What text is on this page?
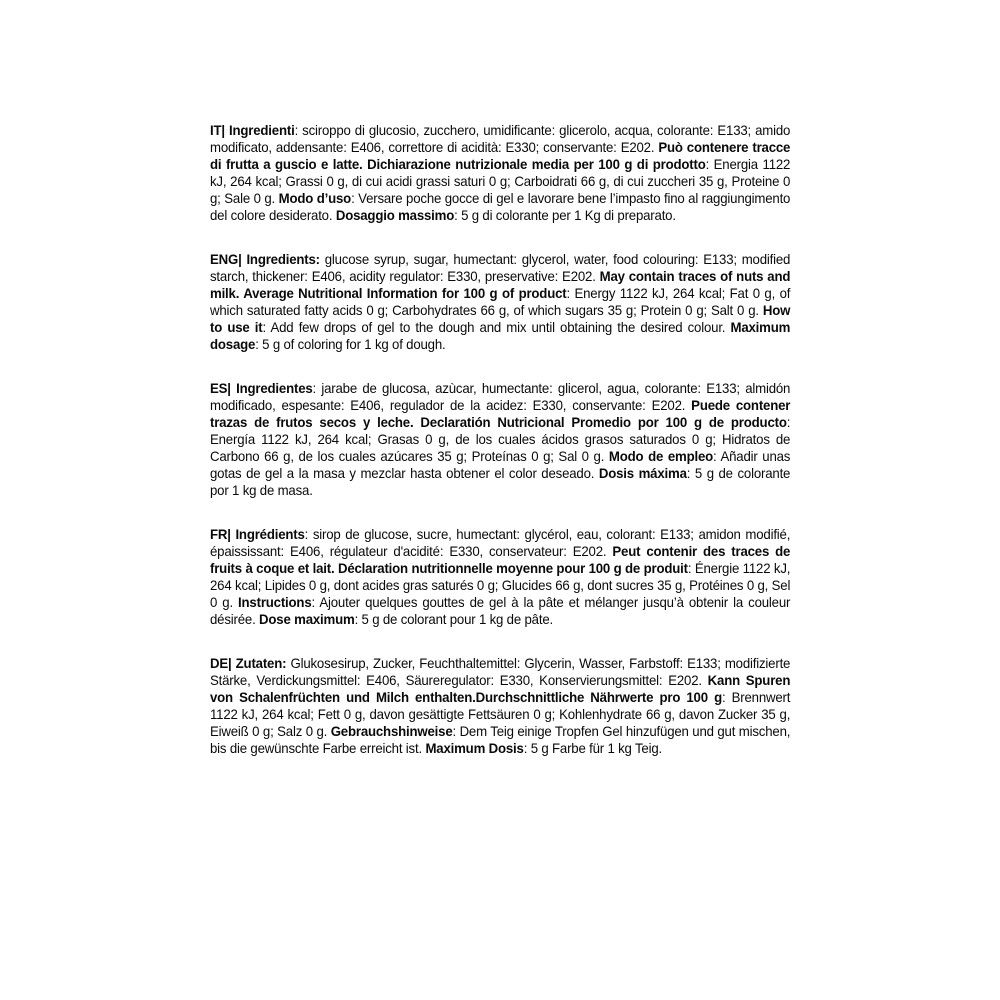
IT| Ingredienti: sciroppo di glucosio, zucchero, umidificante: glicerolo, acqua, colorante: E133; amido modificato, addensante: E406, correttore di acidità: E330; conservante: E202. Può contenere tracce di frutta a guscio e latte. Dichiarazione nutrizionale media per 100 g di prodotto: Energia 1122 kJ, 264 kcal; Grassi 0 g, di cui acidi grassi saturi 0 g; Carboidrati 66 g, di cui zuccheri 35 g, Proteine 0 g; Sale 0 g. Modo d’uso: Versare poche gocce di gel e lavorare bene l’impasto fino al raggiungimento del colore desiderato. Dosaggio massimo: 5 g di colorante per 1 Kg di preparato.

ENG| Ingredients: glucose syrup, sugar, humectant: glycerol, water, food colouring: E133; modified starch, thickener: E406, acidity regulator: E330, preservative: E202. May contain traces of nuts and milk. Average Nutritional Information for 100 g of product: Energy 1122 kJ, 264 kcal; Fat 0 g, of which saturated fatty acids 0 g; Carbohydrates 66 g, of which sugars 35 g; Protein 0 g; Salt 0 g. How to use it: Add few drops of gel to the dough and mix until obtaining the desired colour. Maximum dosage: 5 g of coloring for 1 kg of dough.

ES| Ingredientes: jarabe de glucosa, azùcar, humectante: glicerol, agua, colorante: E133; almidón modificado, espesante: E406, regulador de la acidez: E330, conservante: E202. Puede contener trazas de frutos secos y leche. Declaratión Nutricional Promedio por 100 g de producto: Energía 1122 kJ, 264 kcal; Grasas 0 g, de los cuales ácidos grasos saturados 0 g; Hidratos de Carbono 66 g, de los cuales azúcares 35 g; Proteínas 0 g; Sal 0 g. Modo de empleo: Añadir unas gotas de gel a la masa y mezclar hasta obtener el color deseado. Dosis máxima: 5 g de colorante por 1 kg de masa.

FR| Ingrédients: sirop de glucose, sucre, humectant: glycérol, eau, colorant: E133; amidon modifié, épaississant: E406, régulateur d'acidité: E330, conservateur: E202. Peut contenir des traces de fruits à coque et lait. Déclaration nutritionnelle moyenne pour 100 g de produit: Énergie 1122 kJ, 264 kcal; Lipides 0 g, dont acides gras saturés 0 g; Glucides 66 g, dont sucres 35 g, Protéines 0 g, Sel 0 g. Instructions: Ajouter quelques gouttes de gel à la pâte et mélanger jusqu’à obtenir la couleur désirée. Dose maximum: 5 g de colorant pour 1 kg de pâte.

DE| Zutaten: Glukosesirup, Zucker, Feuchthaltemittel: Glycerin, Wasser, Farbstoff: E133; modifizierte Stärke, Verdickungsmittel: E406, Säureregulator: E330, Konservierungsmittel: E202. Kann Spuren von Schalenfrüchten und Milch enthalten.Durchschnittliche Nährwerte pro 100 g: Brennwert 1122 kJ, 264 kcal; Fett 0 g, davon gesättigte Fettsäuren 0 g; Kohlenhydrate 66 g, davon Zucker 35 g, Eiweiß 0 g; Salz 0 g. Gebrauchshinweise: Dem Teig einige Tropfen Gel hinzufügen und gut mischen, bis die gewünschte Farbe erreicht ist. Maximum Dosis: 5 g Farbe für 1 kg Teig.
